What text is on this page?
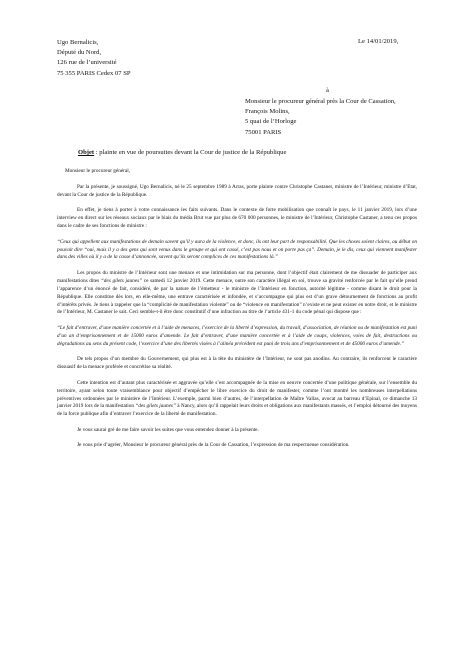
Ugo Bernalicis,
Député du Nord,
126 rue de l’université
75 355 PARIS Cedex 07 SP
Le 14/01/2019,
à
Monsieur le procureur général près la Cour de Cassation,
François Molins,
5 quai de l’Horloge
75001 PARIS
Objet : plainte en vue de poursuites devant la Cour de justice de la République

Monsieur le procureur général,

Par la présente, je soussigné, Ugo Bernalicis, né le 25 septembre 1989 à Arras, porte plainte contre Christophe Castaner, ministre de l’Intérieur, ministre d’Etat, devant la Cour de justice de la République.

En effet, je tiens à porter à votre connaissance les faits suivants. Dans le contexte de forte mobilisation que connaît le pays, le 11 janvier 2019, lors d’une interview en direct sur les réseaux sociaux par le biais du média Brut vue par plus de 670 000 personnes, le ministre de l’Intérieur, Christophe Castaner, a tenu ces propos dans le cadre de ses fonctions de ministre :

“Ceux qui appellent aux manifestations de demain savent qu’il y aura de la violence, et donc, ils ont leur part de responsabilité. Que les choses soient claires, au début on pouvait dire “oui, mais il y a des gens qui sont venus dans le groupe et qui ont cassé, c’est pas nous et on porte pas ça”. Demain, je le dis, ceux qui viennent manifester dans des villes où il y a de la casse d’annoncée, savent qu’ils seront complices de ces manifestations là.”

Les propos du ministre de l’Intérieur sont une menace et une intimidation sur ma personne, dont l’objectif était clairement de me dissuader de participer aux manifestations dites “des gilets jaunes” ce samedi 12 janvier 2019. Cette menace, outre son caractère illégal en soi, trouve sa gravité renforcée par le fait qu’elle prend l’apparence d’un énoncé de fait, considéré, de par la nature de l’émetteur - le ministre de l’Intérieur en fonction, autorité légitime - comme disant le droit pour la République. Elle constitue dès lors, en elle-même, une entrave caractérisée et infondée, et s’accompagne qui plus est d’un grave détournement de fonctions au profit d’intérêts privés. Je tiens à rappeler que la “complicité de manifestation violente” ou de “violence en manifestation” n’existe et ne peut exister en notre droit, et le ministre de l’Intérieur, M. Castaner le sait. Ceci semble-t-il être donc constitutif d’une infraction au titre de l’article 431-1 du code pénal qui dispose que :

“Le fait d’entraver, d’une manière concertée et à l’aide de menaces, l’exercice de la liberté d’expression, du travail, d’association, de réunion ou de manifestation est puni d’un an d’emprisonnement et de 15000 euros d’amende. Le fait d’entraver, d’une manière concertée et à l’aide de coups, violences, voies de fait, destructions ou dégradations au sens du présent code, l’exercice d’une des libertés visées à l’alinéa précédent est puni de trois ans d’emprisonnement et de 45000 euros d’amende.”

De tels propos d’un membre du Gouvernement, qui plus est à la tête du ministère de l’Intérieur, ne sont pas anodins. Au contraire, ils renforcent le caractère dissuasif de la menace proférée et concrétise sa réalité.

Cette intention est d’autant plus caractérisée et aggravée qu’elle s’est accompagnée de la mise en oeuvre concertée d’une politique générale, sur l’ensemble du territoire, ayant selon toute vraisemblance pour objectif d’empêcher le libre exercice du droit de manifester, comme l’ont montré les nombreuses interpellations préventives ordonnées par le ministère de l’Intérieur. L’exemple, parmi bien d’autres, de l’interpellation de Maître Vallas, avocat au barreau d’Epinal, ce dimanche 13 janvier 2019 lors de la manifestation “des gilets jaunes” à Nancy, alors qu’il rappelait leurs droits et obligations aux manifestants massés, et l’emploi détourné des moyens de la force publique afin d’entraver l’exercice de la liberté de manifestation.

Je vous saurai gré de me faire savoir les suites que vous entendez donner à la présente.

Je vous prie d’agréer, Monsieur le procureur général près de la Cour de Cassation, l’expression de ma respectueuse considération.
